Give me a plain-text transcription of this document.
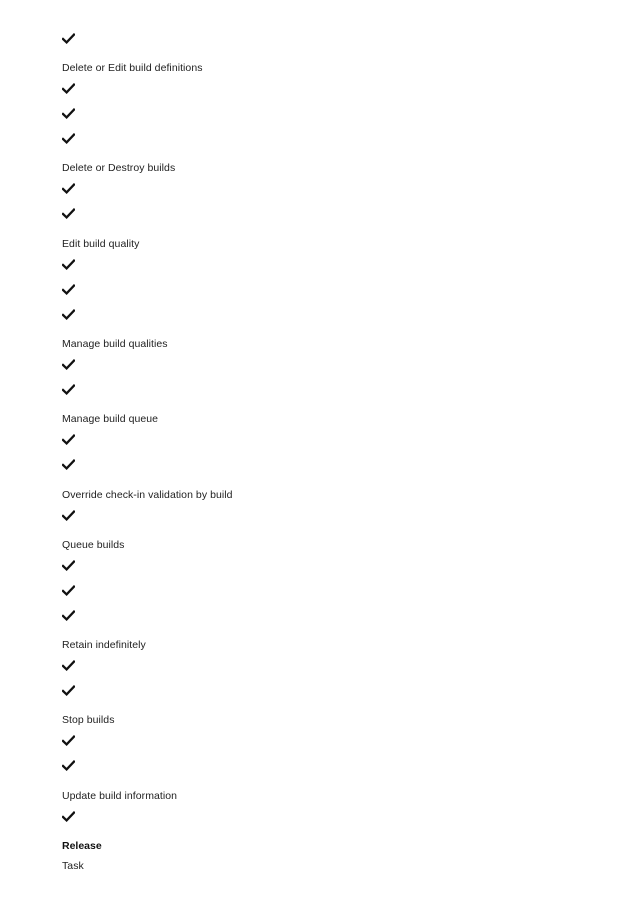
Delete or Edit build definitions
Delete or Destroy builds
Edit build quality
Manage build qualities
Manage build queue
Override check-in validation by build
Queue builds
Retain indefinitely
Stop builds
Update build information
Release
Task
